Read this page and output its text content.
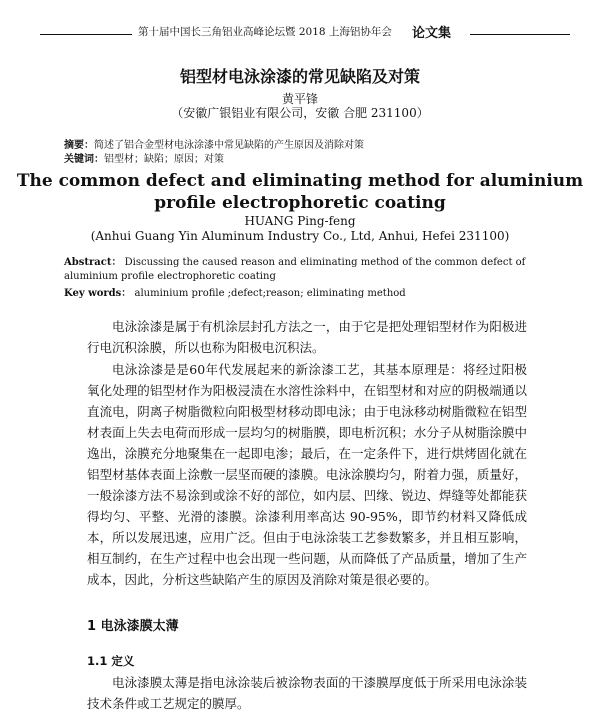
第十届中国长三角铝业高峰论坛暨 2018 上海铝协年会 论文集
铝型材电泳涂漆的常见缺陷及对策
黄平锋
（安徽广银铝业有限公司，安徽 合肥 231100）
摘要：简述了铝合金型材电泳涂漆中常见缺陷的产生原因及消除对策
关键词：铝型材；缺陷；原因；对策
The common defect and eliminating method for aluminium profile electrophoretic coating
HUANG Ping-feng
(Anhui Guang Yin Aluminum Industry Co., Ltd, Anhui, Hefei 231100)
Abstract： Discussing the caused reason and eliminating method of the common defect of aluminium profile electrophoretic coating
Key words： aluminium profile ;defect;reason; eliminating method
电泳涂漆是属于有机涂层封孔方法之一，由于它是把处理铝型材作为阳极进行电沉积涂膜，所以也称为阳极电沉积法。
电泳涂漆是是60年代发展起来的新涂漆工艺，其基本原理是：将经过阳极氧化处理的铝型材作为阳极浸渍在水溶性涂料中，在铝型材和对应的阴极端通以直流电，阴离子树脂微粒向阳极型材移动即电泳；由于电泳移动树脂微粒在铝型材表面上失去电荷而形成一层均匀的树脂膜，即电析沉积；水分子从树脂涂膜中逸出，涂膜充分地聚集在一起即电渗；最后，在一定条件下，进行烘烤固化就在铝型材基体表面上涂敷一层坚而硬的漆膜。电泳涂膜均匀，附着力强，质量好，一般涂漆方法不易涂到或涂不好的部位，如内层、凹缘、锐边、焊缝等处都能获得均匀、平整、光滑的漆膜。涂漆利用率高达 90-95%，即节约材料又降低成本，所以发展迅速，应用广泛。但由于电泳涂装工艺参数繁多，并且相互影响，相互制约，在生产过程中也会出现一些问题，从而降低了产品质量，增加了生产成本，因此，分析这些缺陷产生的原因及消除对策是很必要的。
1 电泳漆膜太薄
1.1 定义
电泳漆膜太薄是指电泳涂装后被涂物表面的干漆膜厚度低于所采用电泳涂装技术条件或工艺规定的膜厚。
